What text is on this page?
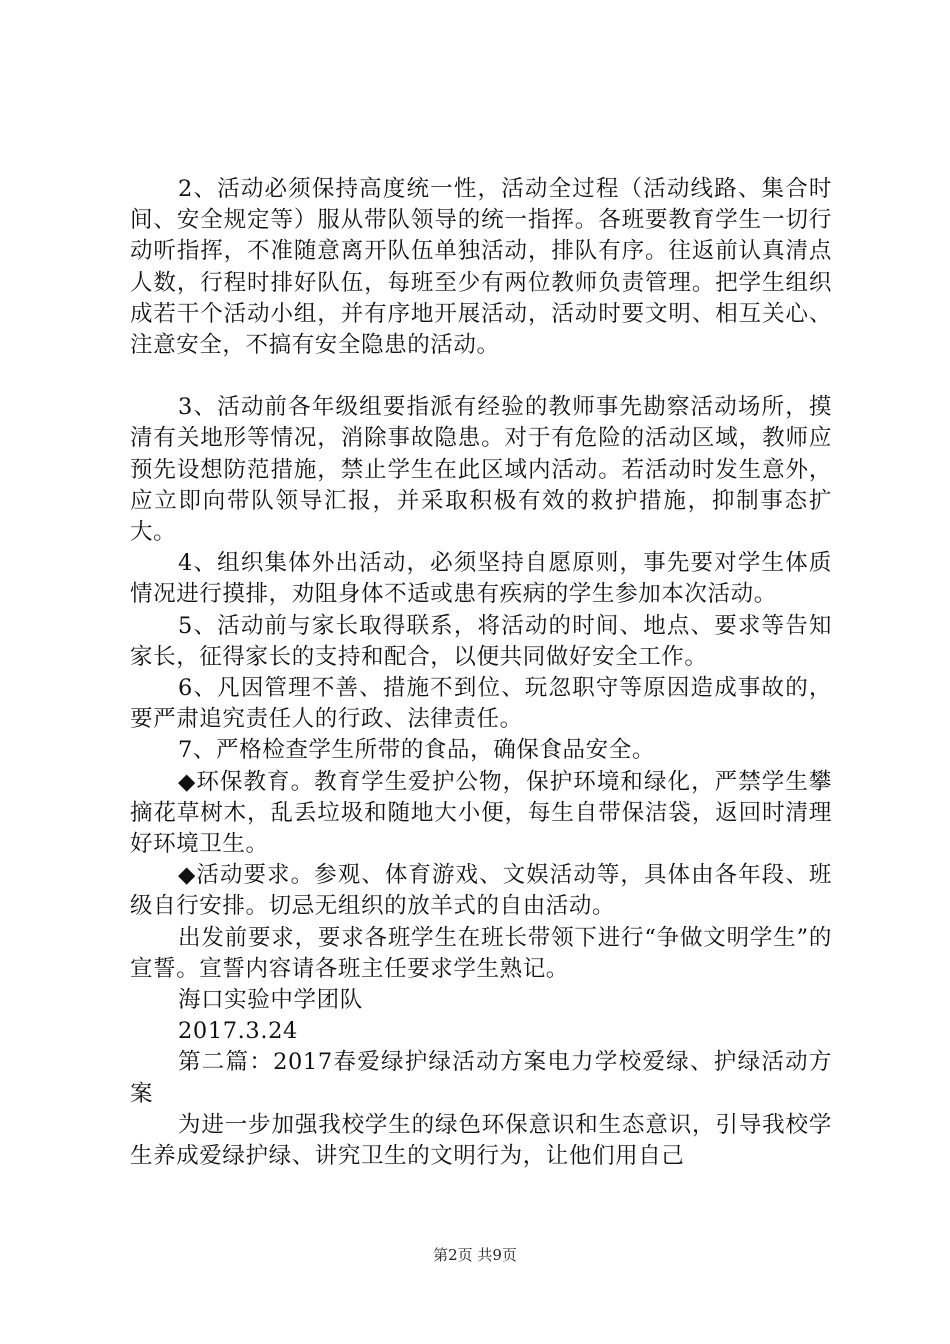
2、活动必须保持高度统一性，活动全过程（活动线路、集合时间、安全规定等）服从带队领导的统一指挥。各班要教育学生一切行动听指挥，不准随意离开队伍单独活动，排队有序。往返前认真清点人数，行程时排好队伍，每班至少有两位教师负责管理。把学生组织成若干个活动小组，并有序地开展活动，活动时要文明、相互关心、注意安全，不搞有安全隐患的活动。

3、活动前各年级组要指派有经验的教师事先勘察活动场所，摸清有关地形等情况，消除事故隐患。对于有危险的活动区域，教师应预先设想防范措施，禁止学生在此区域内活动。若活动时发生意外，应立即向带队领导汇报，并采取积极有效的救护措施，抑制事态扩大。

4、组织集体外出活动，必须坚持自愿原则，事先要对学生体质情况进行摸排，劝阻身体不适或患有疾病的学生参加本次活动。

5、活动前与家长取得联系，将活动的时间、地点、要求等告知家长，征得家长的支持和配合，以便共同做好安全工作。

6、凡因管理不善、措施不到位、玩忽职守等原因造成事故的，要严肃追究责任人的行政、法律责任。

7、严格检查学生所带的食品，确保食品安全。

◆环保教育。教育学生爱护公物，保护环境和绿化，严禁学生攀摘花草树木，乱丢垃圾和随地大小便，每生自带保洁袋，返回时清理好环境卫生。

◆活动要求。参观、体育游戏、文娱活动等，具体由各年段、班级自行安排。切忌无组织的放羊式的自由活动。

出发前要求，要求各班学生在班长带领下进行“争做文明学生”的宣誓。宣誓内容请各班主任要求学生熟记。

海口实验中学团队

2017.3.24

第二篇：2017春爱绿护绿活动方案电力学校爱绿、护绿活动方案

为进一步加强我校学生的绿色环保意识和生态意识，引导我校学生养成爱绿护绿、讲究卫生的文明行为，让他们用自己

第2页 共9页
